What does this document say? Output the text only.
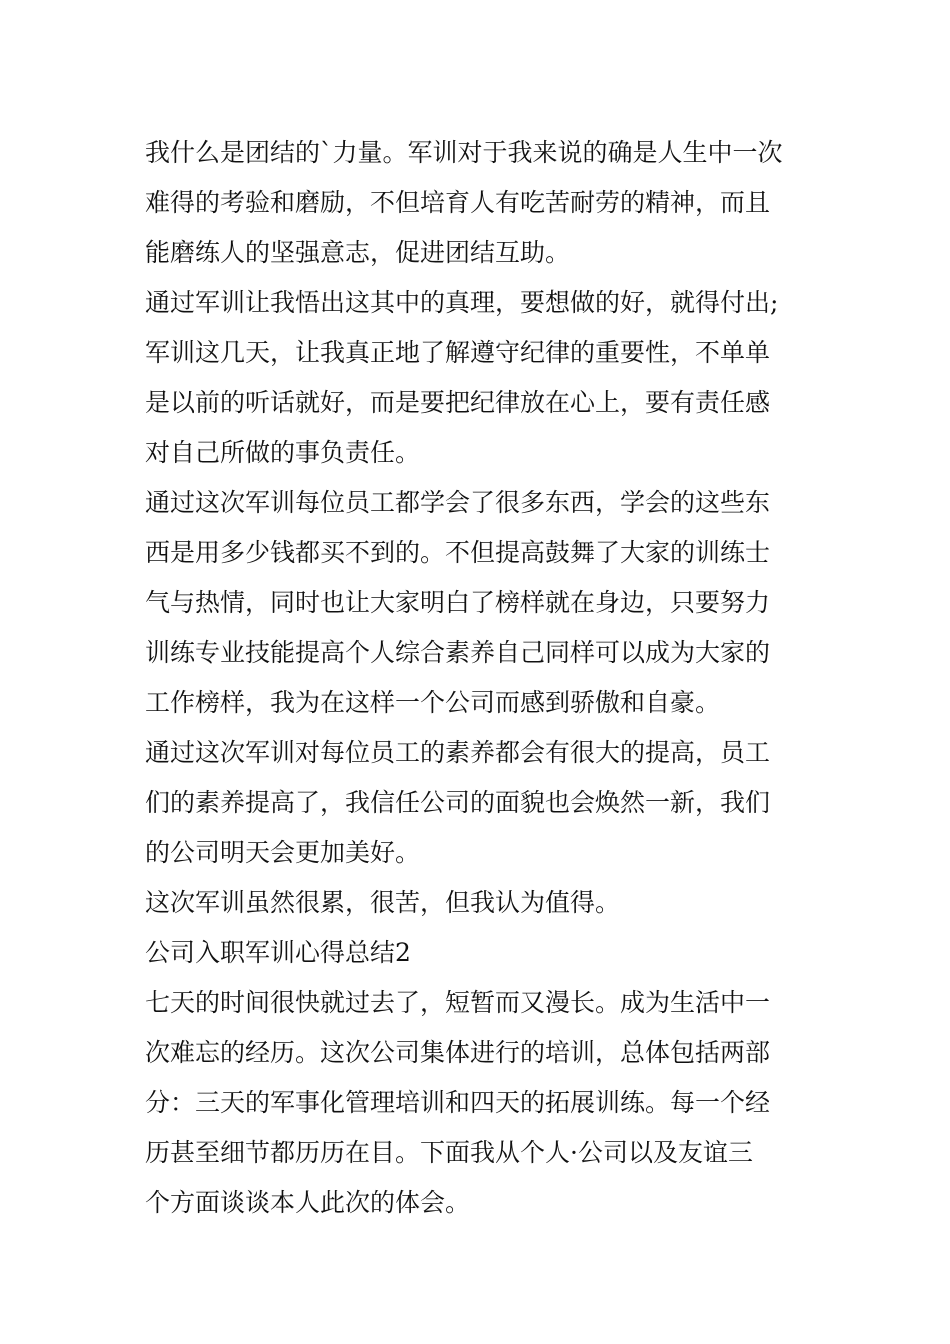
我什么是团结的`力量。军训对于我来说的确是人生中一次
难得的考验和磨励，不但培育人有吃苦耐劳的精神，而且
能磨练人的坚强意志，促进团结互助。

通过军训让我悟出这其中的真理，要想做的好，就得付出;
军训这几天，让我真正地了解遵守纪律的重要性，不单单
是以前的听话就好，而是要把纪律放在心上，要有责任感
对自己所做的事负责任。

通过这次军训每位员工都学会了很多东西，学会的这些东
西是用多少钱都买不到的。不但提高鼓舞了大家的训练士
气与热情，同时也让大家明白了榜样就在身边，只要努力
训练专业技能提高个人综合素养自己同样可以成为大家的
工作榜样，我为在这样一个公司而感到骄傲和自豪。

通过这次军训对每位员工的素养都会有很大的提高，员工
们的素养提高了，我信任公司的面貌也会焕然一新，我们
的公司明天会更加美好。

这次军训虽然很累，很苦，但我认为值得。

公司入职军训心得总结2

七天的时间很快就过去了，短暂而又漫长。成为生活中一
次难忘的经历。这次公司集体进行的培训，总体包括两部
分：三天的军事化管理培训和四天的拓展训练。每一个经
历甚至细节都历历在目。下面我从个人·公司以及友谊三
个方面谈谈本人此次的体会。
